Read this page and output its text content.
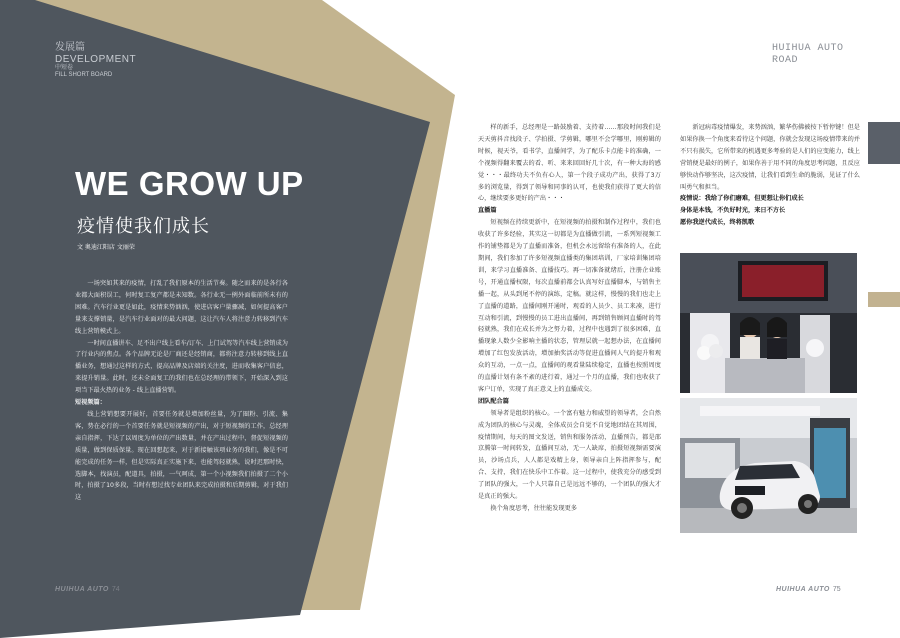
发展篇
DEVELOPMENT
中短卷
FILL SHORT BOARD
WE GROW UP
疫情使我们成长
文 奥迪江阳店 文丽荣

一场突如其来的疫情，打乱了我们原本的生活节奏。随之而来的是各行各业都大面积误工，何时复工复产都是未知数。各行业无一例外面临前所未有的困难。汽车行业更是如此，疫情来势汹汹，使进店客户量骤减，如何提高客户量来支撑销量，是汽车行业面对的最大问题，这让汽车人将注意力转移到汽车线上营销模式上。

一时间直播讲车、足不出户线上看车/订车、上门试驾等汽车线上营销成为了行业内的焦点。各个品牌无论是厂商还是经销商，都将注意力转移到线上直播业务，想通过这样的方式，提高品牌及店端的关注度，进而收集客户信息，来提升销量。此时，还未全面复工的我们也在总经理的带领下，开始深入到这项当下最火热的业务 - 线上直播营销。

短视频篇：

线上营销想要开展好，首要任务就是增加粉丝量，为了圈粉、引流、集客，势在必行的一个首要任务就是短视频的产出，对于短视频的工作，总经理亲自指挥，下达了以周度为单位的产出数量，并在产出过程中，督促短视频的质量，做到保质保量。现在回想起来，对于新接触该项业务的我们，像是不可能完成的任务一样，但是实际真正实施下来，也能驾轻就熟，说时迟那时快，选脚本，找演员，配道具，拍摄，一气呵成，第一个小视频我们拍摄了二个小时，拍摄了10多段，当时有想过找专业团队来完成拍摄和后期剪辑，对于我们这

HUIHUA AUTO 74
HUIHUA AUTO
ROAD

样的新手，总经理是一路鼓励着、支持着……那段时间我们是天天剪抖音找段子、学拍摄、学剪辑，哪里不会学哪里，刚剪辑的时候，视天爷，看书学，直播间学，为了配乐卡点能卡的准确，一个视频得翻来覆去的看、听、来来回回好几十次，有一种大海的感觉・・・最终功夫不负有心人，第一个段子成功产出，获得了3万多的浏览量，得到了领导和同事的认可，也使我们获得了更大的信心，继续要多更好的产出・・・

直播篇

短视频在持续更新中，在短视频的拍摄和制作过程中，我们也收获了许多经验，其实这一切都是为直播做引流，一系列短视频工作的铺垫都是为了直播而准备，但机会永远留给有准备的人，在此期间，我们参加了许多短视频直播类的集团培训，厂家培训集团培训，来学习直播准备、直播技巧。再一切准备就绪后，注册企业账号，开通直播权限，每次直播前都会认真写好直播脚本，与销售主播一起，从头到尾不停的演练，定稿。就这样，慢慢的我们也走上了直播的道路，直播间刚开通时，观看的人员少、员工来凑，进行互动和引流，到慢慢的员工进出直播间，再到销售顾问直播时的驾轻就熟，我们在成长并为之努力着，过程中也遇到了很多困难，直播现象人数少全影响主播的状态，管理层就一起想办法，在直播间增加了红包发放活动，增加抽奖活动等促进直播间人气的提升和观众的互动，一点一点，直播间的观看量陆续稳定，直播也按照周度的直播计划有条不紊的进行着，通过一个月的直播，我们也收获了客户订单，实现了真正意义上的直播成交。

团队配合篇

领导者是组织的核心。一个富有魅力和威望的领导者，会自然成为团队的核心与灵魂，全体成员会自觉不自觉地团结在其周围，疫情期间，每天的图文发送，销售和服务活动，直播预告，都是邵京腾第一时间转发，直播间互动，无一人缺席，拍摄短视频需要演员，沙场点兵，人人都是戏精上身，领导亲自上阵指挥参与，配合、支持，我们在快乐中工作着。这一过程中，使我充分的感受到了团队的强大，一个人只靠自己是远远不够的，一个团队的强大才是真正的强大。

换个角度思考，往往能发现更多

新冠病毒疫情爆发，来势汹汹，繁华伤佛被按下暂停键！但是如果你换一个角度来看待这个问题，你就会发现这场疫情带来的并不只有损失，它所带来的机遇更多考验的是人们的应变能力，线上营销便是最好的例子，如果你善于用不同的角度思考问题，且反应够快动作够坚决，这次疫情，让我们看到生命的脆弱，见证了什么叫勇气和担当。

疫情说：我给了你们磨难，但更想让你们成长

身体是本钱，不负好时光，来日不方长

愿你我逆代成长，终将凯歌

HUIHUA AUTO 75
